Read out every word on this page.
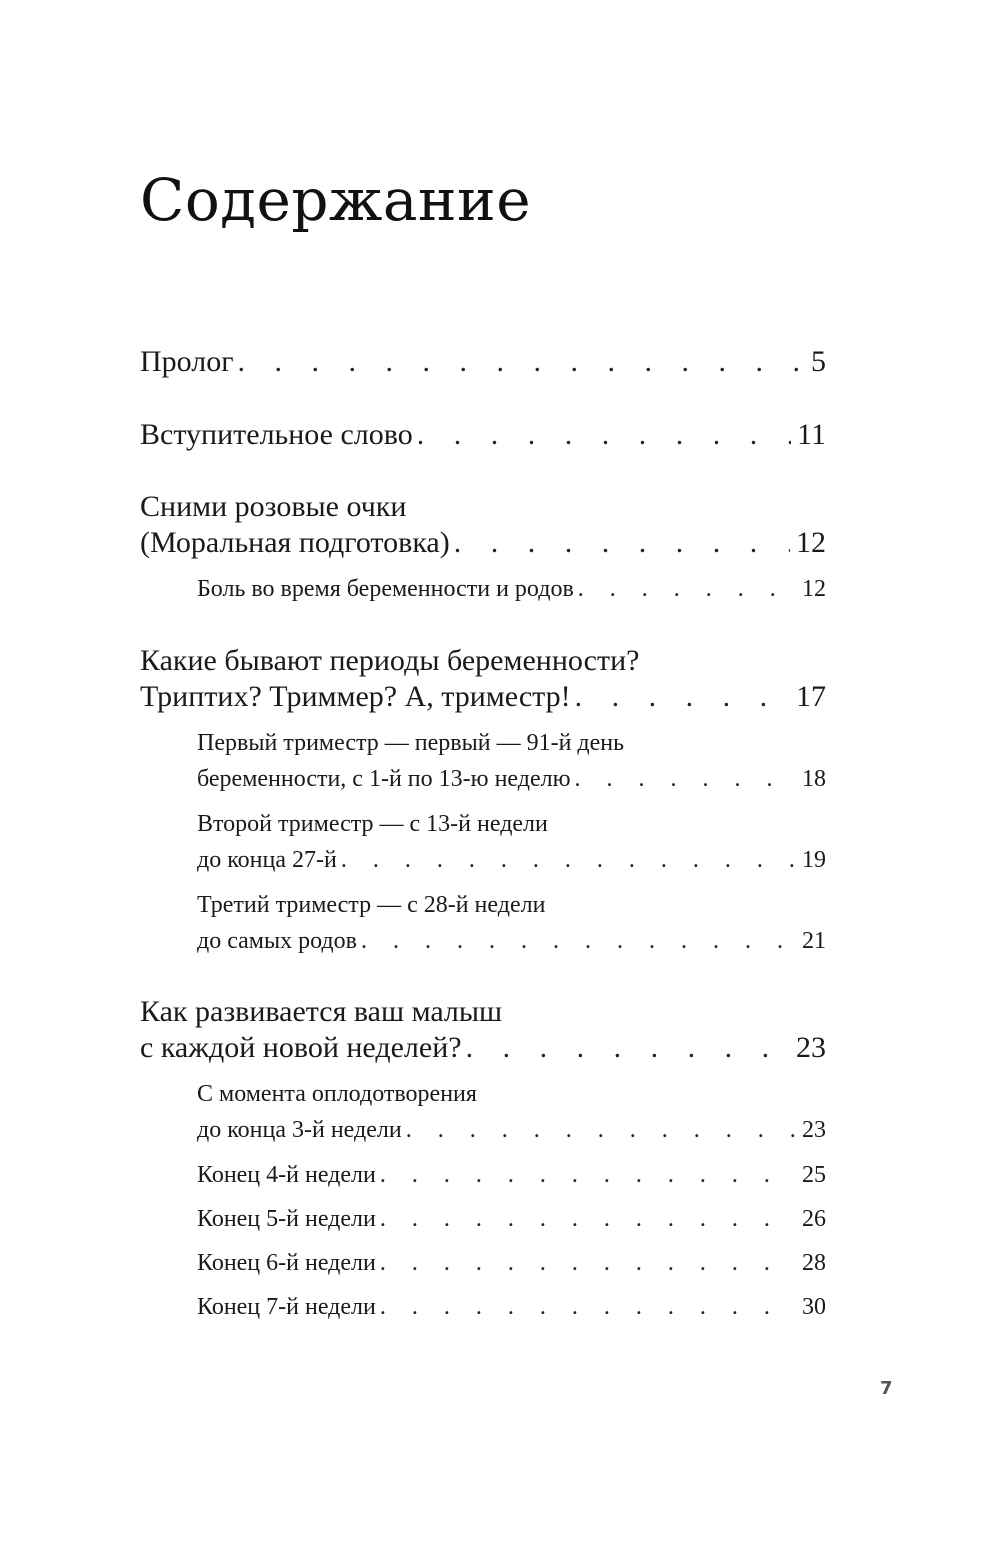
Содержание
Пролог . . .	5
Вступительное слово . . .	11
Сними розовые очки
(Моральная подготовка) . . .	12
Боль во время беременности и родов . . .	12
Какие бывают периоды беременности?
Триптих? Триммер? А, триместр! . . .	17
Первый триместр — первый — 91-й день
беременности, с 1-й по 13-ю неделю . . .	18
Второй триместр — с 13-й недели
до конца 27-й . . .	19
Третий триместр — с 28-й недели
до самых родов . . .	21
Как развивается ваш малыш
с каждой новой неделей? . . .	23
С момента оплодотворения
до конца 3-й недели . . .	23
Конец 4-й недели . . .	25
Конец 5-й недели . . .	26
Конец 6-й недели . . .	28
Конец 7-й недели . . .	30
7
